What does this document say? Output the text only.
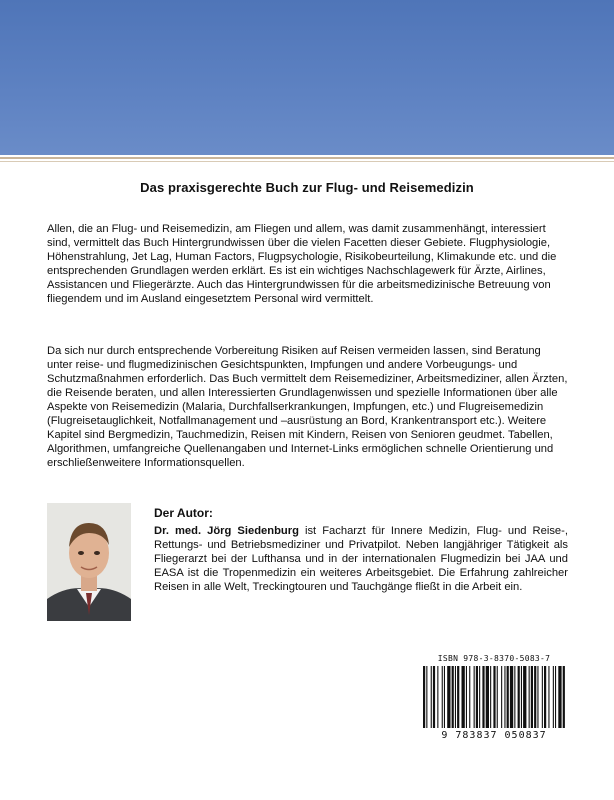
Das praxisgerechte Buch zur Flug- und Reisemedizin

Allen, die an Flug- und Reisemedizin, am Fliegen und allem, was damit zusammenhängt, interessiert sind, vermittelt das Buch Hintergrundwissen über die vielen Facetten dieser Gebiete. Flugphysiologie, Höhenstrahlung, Jet Lag, Human Factors, Flugpsychologie, Risikobeurteilung, Klimakunde etc. und die entsprechenden Grundlagen werden erklärt. Es ist ein wichtiges Nachschlagewerk für Ärzte, Airlines, Assistancen und Fliegerärzte. Auch das Hintergrundwissen für die arbeitsmedizinische Betreuung von fliegendem und im Ausland eingesetztem Personal wird vermittelt.

Da sich nur durch entsprechende Vorbereitung Risiken auf Reisen vermeiden lassen, sind Beratung unter reise- und flugmedizinischen Gesichtspunkten, Impfungen und andere Vorbeugungs- und Schutzmaßnahmen erforderlich. Das Buch vermittelt dem Reisemediziner, Arbeitsmediziner, allen Ärzten, die Reisende beraten, und allen Interessierten Grundlagenwissen und spezielle Informationen über alle Aspekte von Reisemedizin (Malaria, Durchfallserkrankungen, Impfungen, etc.) und Flugreisemedizin (Flugreisetauglichkeit, Notfallmanagement und –ausrüstung an Bord, Krankentransport etc.). Weitere Kapitel sind Bergmedizin, Tauchmedizin, Reisen mit Kindern, Reisen von Senioren geudmet. Tabellen, Algorithmen, umfangreiche Quellenangaben und Internet-Links ermöglichen schnelle Orientierung und erschließenweitere Informationsquellen.

Der Autor:

Dr. med. Jörg Siedenburg ist Facharzt für Innere Medizin, Flug- und Reise-, Rettungs- und Betriebsmediziner und Privatpilot. Neben langjähriger Tätigkeit als Fliegerarzt bei der Lufthansa und in der internationalen Flugmedizin bei JAA und EASA ist die Tropenmedizin ein weiteres Arbeitsgebiet. Die Erfahrung zahlreicher Reisen in alle Welt, Treckingtouren und Tauchgänge fließt in die Arbeit ein.

ISBN 978-3-8370-5083-7
9 783837 050837
